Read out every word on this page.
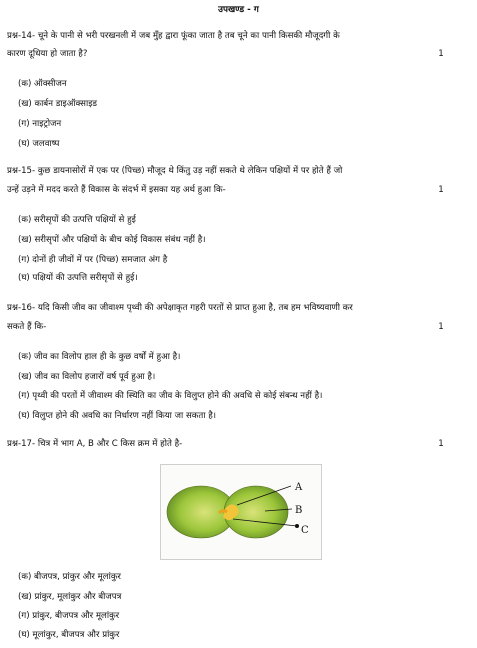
उपखण्ड - ग
प्रश्न-14- चूने के पानी से भरी परखनली में जब मुँह द्वारा फूंका जाता है तब चूने का पानी किसकी मौजूदगी के
कारण दूधिया हो जाता है?	1
(क) ऑक्सीजन
(ख) कार्बन डाइऑक्साइड
(ग) नाइट्रोजन
(घ) जलवाष्प
प्रश्न-15- कुछ डायनासोरों में एक पर (पिच्छ) मौजूद थे किंतु उड़ नहीं सकते थे लेकिन पक्षियों में पर होते हैं जो
उन्हें उड़ने में मदद करते हैं विकास के संदर्भ में इसका यह अर्थ हुआ कि-	1
(क) सरीसृपों की उत्पत्ति पक्षियों से हुई
(ख) सरीसृपों और पक्षियों के बीच कोई विकास संबंध नहीं है।
(ग) दोनों ही जीवों में पर (पिच्छ) समजात अंग है
(घ) पक्षियों की उत्पत्ति सरीसृपों से हुई।
प्रश्न-16- यदि किसी जीव का जीवाश्म पृथ्वी की अपेक्षाकृत गहरी परतों से प्राप्त हुआ है, तब हम भविष्यवाणी कर
सकते हैं कि-	1
(क) जीव का विलोप हाल ही के कुछ वर्षों में हुआ है।
(ख) जीव का विलोप हजारों वर्ष पूर्व हुआ है।
(ग) पृथ्वी की परतों में जीवाश्म की स्थिति का जीव के विलुप्त होने की अवधि से कोई संबन्ध नहीं है।
(घ) विलुप्त होने की अवधि का निर्धारण नहीं किया जा सकता है।
प्रश्न-17- चित्र में भाग A, B और C किस क्रम में होते है-	1
A
B
C
(क) बीजपत्र, प्रांकुर और मूलांकुर
(ख) प्रांकुर, मूलांकुर और बीजपत्र
(ग) प्रांकुर, बीजपत्र और मूलांकुर
(घ) मूलांकुर, बीजपत्र और प्रांकुर
